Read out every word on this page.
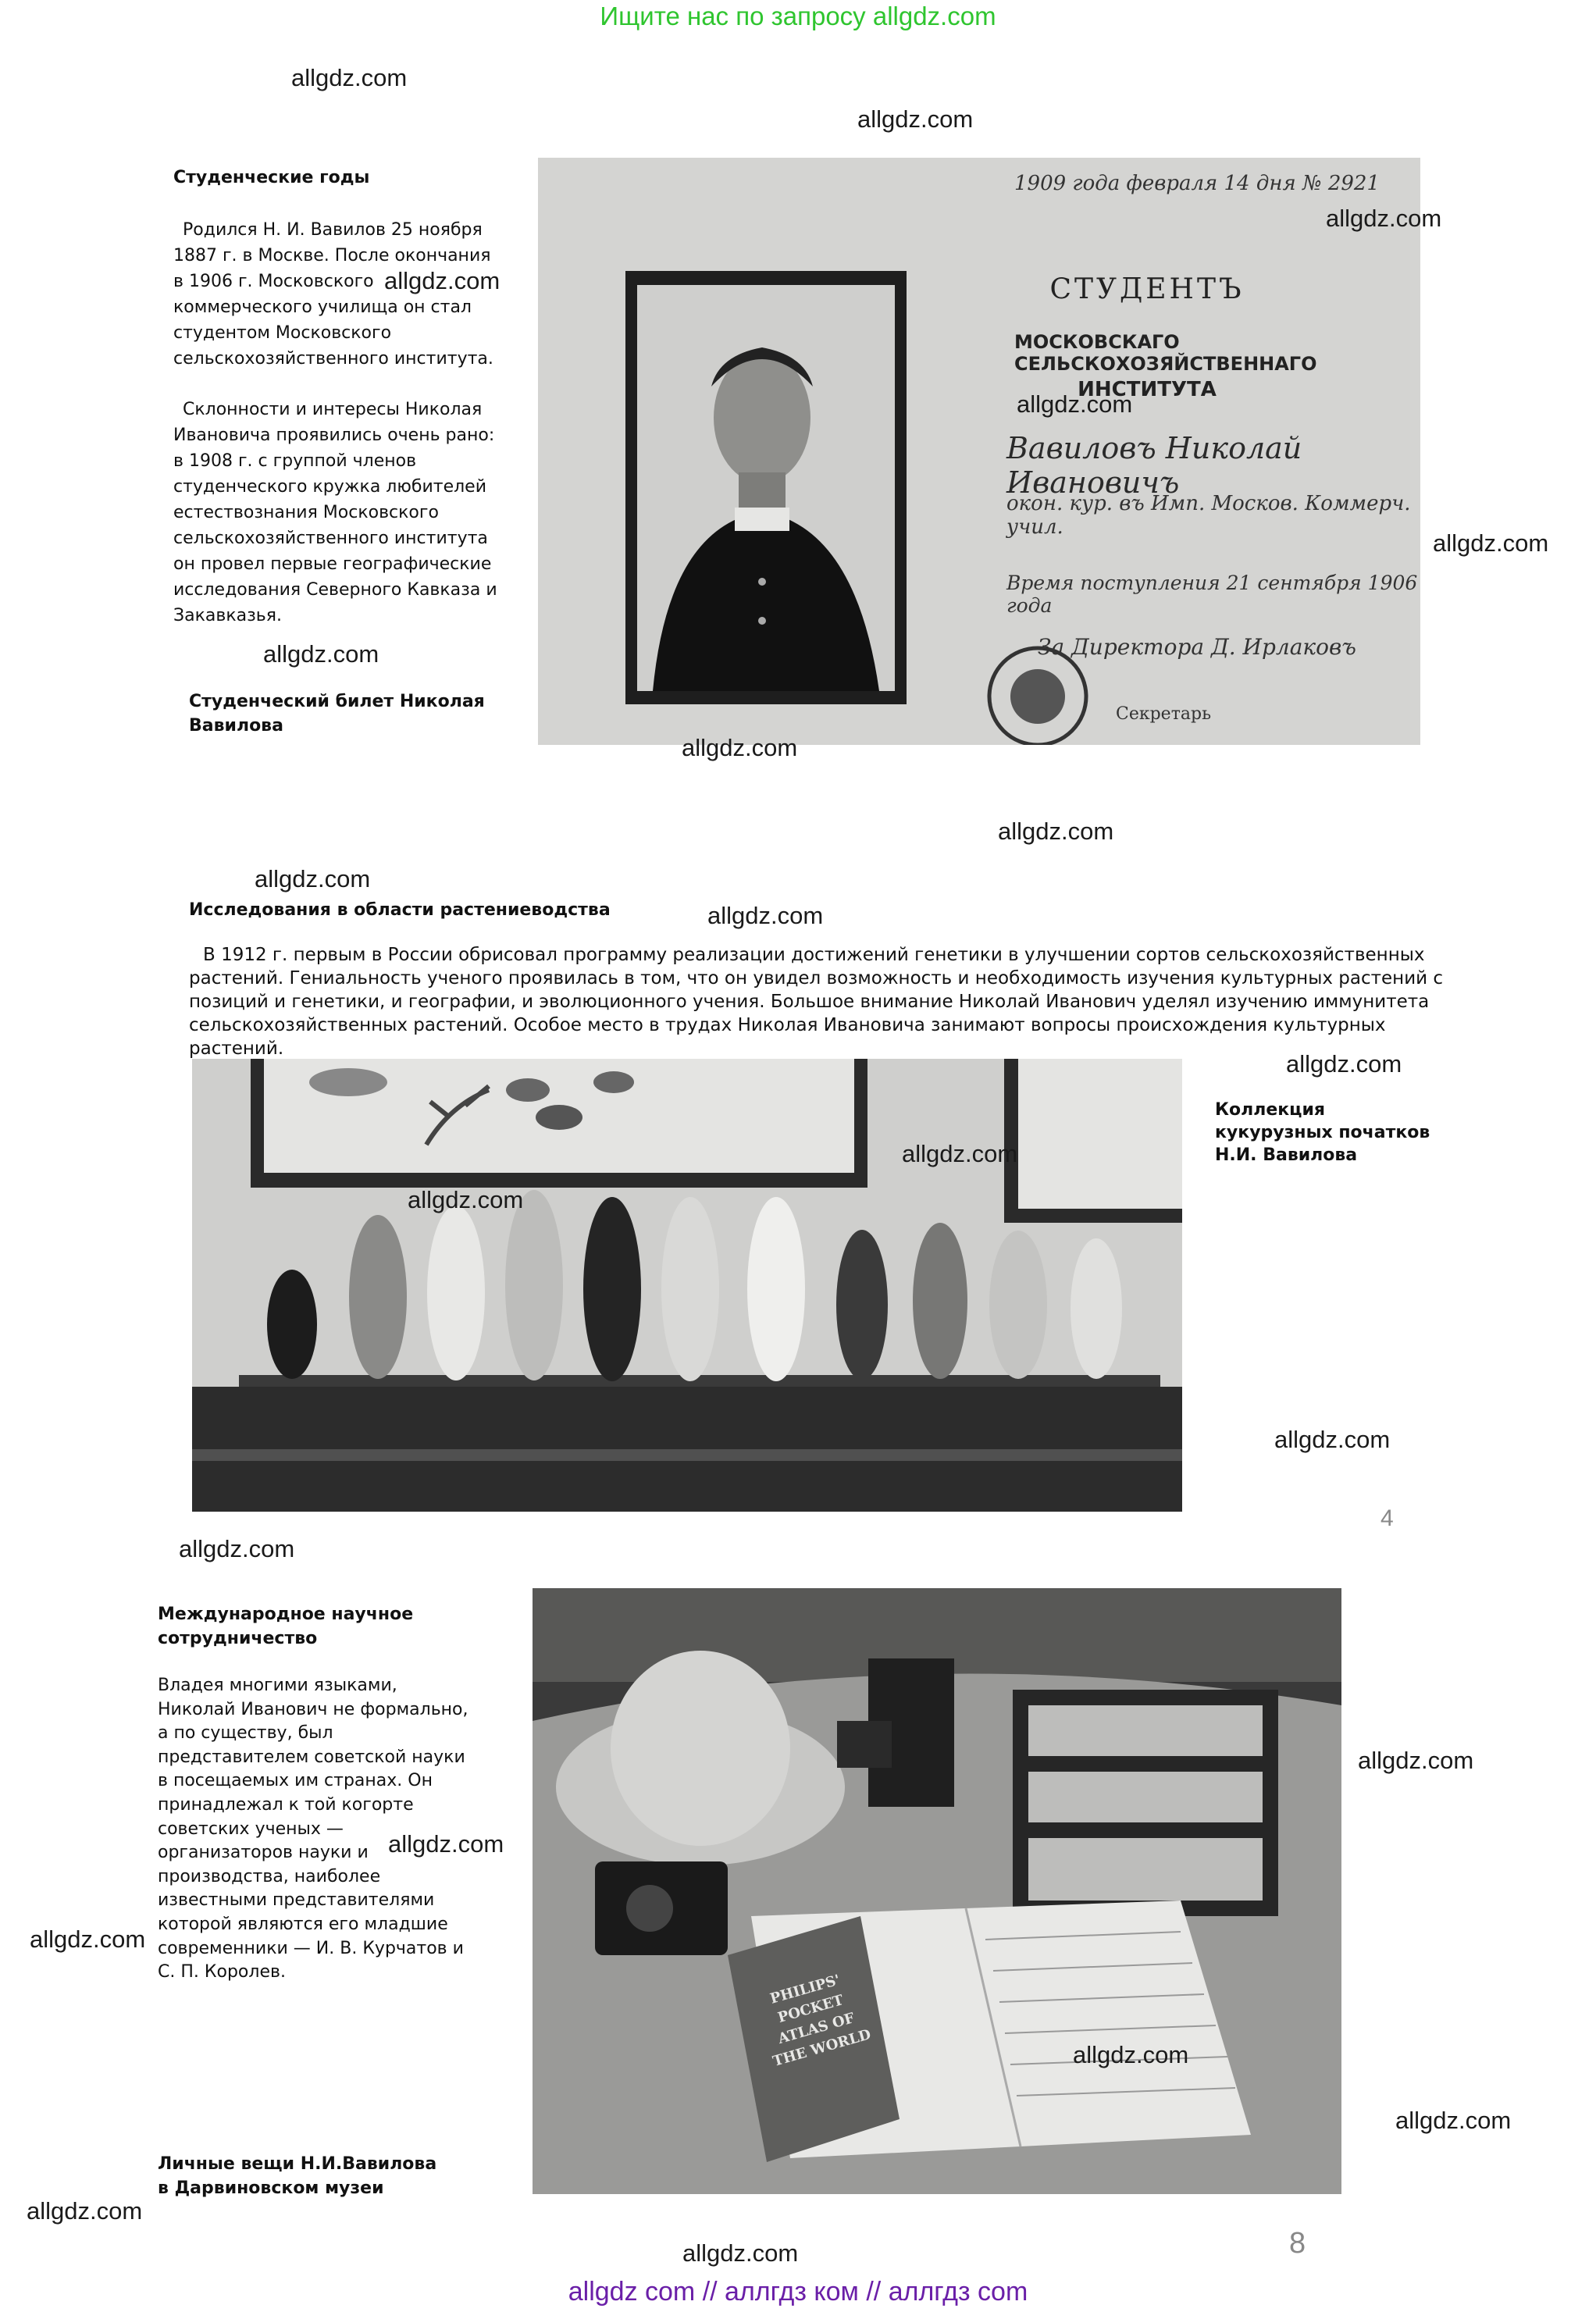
Ищите нас по запросу allgdz.com
Студенческие годы
Родился Н. И. Вавилов 25 ноября 1887 г. в Москве. После окончания в 1906 г. Московского коммерческого училища он стал студентом Московского сельскохозяйственного института.
Склонности и интересы Николая Ивановича проявились очень рано: в 1908 г. с группой членов студенческого кружка любителей естествознания Московского сельскохозяйственного института он провел первые географические исследования Северного Кавказа и Закавказья.
Студенческий билет Николая Вавилова
1909 года февраля 14 дня № 2921
СТУДЕНТЪ
МОСКОВСКАГО СЕЛЬСКОХОЗЯЙСТВЕННАГО
ИНСТИТУТА
Вавиловъ Николай Ивановичъ
окон. кур. въ Имп. Москов. Коммерч. учил.
Время поступления 21 сентября 1906 года
За Директора Д. Ирлаковъ
Секретарь
Исследования в области растениеводства
В 1912 г. первым в России обрисовал программу реализации достижений генетики в улучшении сортов сельскохозяйственных растений. Гениальность ученого проявилась в том, что он увидел возможность и необходимость изучения культурных растений с позиций и генетики, и географии, и эволюционного учения. Большое внимание Николай Иванович уделял изучению иммунитета сельскохозяйственных растений. Особое место в трудах Николая Ивановича занимают вопросы происхождения культурных растений.
Коллекция кукурузных початков Н.И. Вавилова
4
Международное научное сотрудничество
Владея многими языками, Николай Иванович не формально, а по существу, был представителем советской науки в посещаемых им странах. Он принадлежал к той когорте советских ученых — организаторов науки и производства, наиболее известными представителями которой являются его младшие современники — И. В. Курчатов и С. П. Королев.
Личные вещи Н.И.Вавилова в Дарвиновском музеи
PHILIPS' POCKET ATLAS OF THE WORLD
8
allgdz.com
allgdz.com
allgdz.com
allgdz.com
allgdz.com
allgdz.com
allgdz.com
allgdz.com
allgdz.com
allgdz.com
allgdz.com
allgdz.com
allgdz.com
allgdz.com
allgdz.com
allgdz.com
allgdz.com
allgdz.com
allgdz.com
allgdz.com
allgdz.com
allgdz.com
allgdz.com
allgdz com // аллгдз ком // аллгдз com
